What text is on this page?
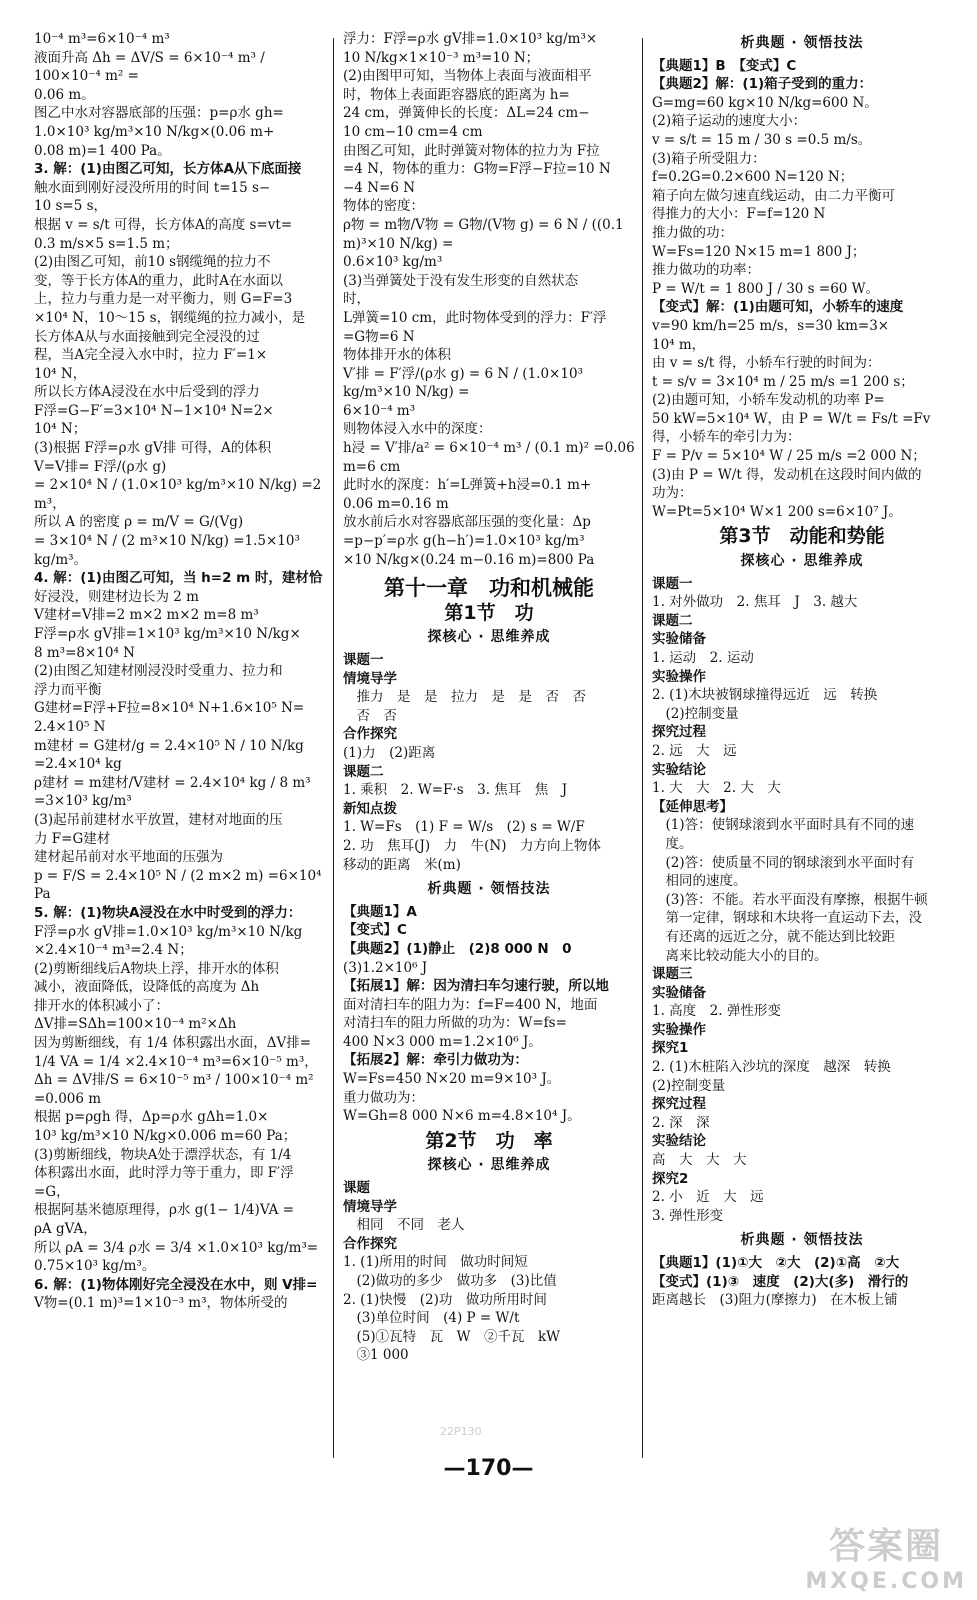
10⁻⁴ m³=6×10⁻⁴ m³
液面升高 Δh = ΔV/S = 6×10⁻⁴ m³ / 100×10⁻⁴ m² =
0.06 m。
图乙中水对容器底部的压强：p=ρ水 gh=
1.0×10³ kg/m³×10 N/kg×(0.06 m+
0.08 m)=1 400 Pa。
3. 解：(1)由图乙可知，长方体A从下底面接
触水面到刚好浸没所用的时间 t=15 s−
10 s=5 s，
根据 v = s/t 可得，长方体A的高度 s=vt=
0.3 m/s×5 s=1.5 m；
(2)由图乙可知，前10 s钢缆绳的拉力不
变，等于长方体A的重力，此时A在水面以
上，拉力与重力是一对平衡力，则 G=F=3
×10⁴ N，10～15 s，钢缆绳的拉力减小，是
长方体A从与水面接触到完全浸没的过
程，当A完全浸入水中时，拉力 F′=1×
10⁴ N，
所以长方体A浸没在水中后受到的浮力
F浮=G−F′=3×10⁴ N−1×10⁴ N=2×
10⁴ N；
(3)根据 F浮=ρ水 gV排 可得，A的体积
V=V排= F浮/(ρ水 g)
= 2×10⁴ N / (1.0×10³ kg/m³×10 N/kg) =2 m³，
所以 A 的密度 ρ = m/V = G/(Vg)
= 3×10⁴ N / (2 m³×10 N/kg) =1.5×10³ kg/m³。
4. 解：(1)由图乙可知，当 h=2 m 时，建材恰
好浸没，则建材边长为 2 m
V建材=V排=2 m×2 m×2 m=8 m³
F浮=ρ水 gV排=1×10³ kg/m³×10 N/kg×
8 m³=8×10⁴ N
(2)由图乙知建材刚浸没时受重力、拉力和
浮力而平衡
G建材=F浮+F拉=8×10⁴ N+1.6×10⁵ N=
2.4×10⁵ N
m建材 = G建材/g = 2.4×10⁵ N / 10 N/kg =2.4×10⁴ kg
ρ建材 = m建材/V建材 = 2.4×10⁴ kg / 8 m³ =3×10³ kg/m³
(3)起吊前建材水平放置，建材对地面的压
力 F=G建材
建材起吊前对水平地面的压强为
p = F/S = 2.4×10⁵ N / (2 m×2 m) =6×10⁴ Pa
5. 解：(1)物块A浸没在水中时受到的浮力：
F浮=ρ水 gV排=1.0×10³ kg/m³×10 N/kg
×2.4×10⁻⁴ m³=2.4 N；
(2)剪断细线后A物块上浮，排开水的体积
减小，液面降低，设降低的高度为 Δh
排开水的体积减小了：
ΔV排=SΔh=100×10⁻⁴ m²×Δh
因为剪断细线，有 1/4 体积露出水面，ΔV排=
1/4 VA = 1/4 ×2.4×10⁻⁴ m³=6×10⁻⁵ m³，
Δh = ΔV排/S = 6×10⁻⁵ m³ / 100×10⁻⁴ m² =0.006 m
根据 p=ρgh 得，Δp=ρ水 gΔh=1.0×
10³ kg/m³×10 N/kg×0.006 m=60 Pa；
(3)剪断细线，物块A处于漂浮状态，有 1/4
体积露出水面，此时浮力等于重力，即 F′浮
=G，
根据阿基米德原理得，ρ水 g(1− 1/4)VA =
ρA gVA，
所以 ρA = 3/4 ρ水 = 3/4 ×1.0×10³ kg/m³=
0.75×10³ kg/m³。
6. 解：(1)物体刚好完全浸没在水中，则 V排=
V物=(0.1 m)³=1×10⁻³ m³，物体所受的
浮力：F浮=ρ水 gV排=1.0×10³ kg/m³×
10 N/kg×1×10⁻³ m³=10 N；
(2)由图甲可知，当物体上表面与液面相平
时，物体上表面距容器底的距离为 h=
24 cm，弹簧伸长的长度：ΔL=24 cm−
10 cm−10 cm=4 cm
由图乙可知，此时弹簧对物体的拉力为 F拉
=4 N，物体的重力：G物=F浮−F拉=10 N
−4 N=6 N
物体的密度：
ρ物 = m物/V物 = G物/(V物 g) = 6 N / ((0.1 m)³×10 N/kg) =
0.6×10³ kg/m³
(3)当弹簧处于没有发生形变的自然状态
时，
L弹簧=10 cm，此时物体受到的浮力：F′浮
=G物=6 N
物体排开水的体积
V′排 = F′浮/(ρ水 g) = 6 N / (1.0×10³ kg/m³×10 N/kg) =
6×10⁻⁴ m³
则物体浸入水中的深度：
h浸 = V′排/a² = 6×10⁻⁴ m³ / (0.1 m)² =0.06 m=6 cm
此时水的深度：h′=L弹簧+h浸=0.1 m+
0.06 m=0.16 m
放水前后水对容器底部压强的变化量：Δp
=p−p′=ρ水 g(h−h′)=1.0×10³ kg/m³
×10 N/kg×(0.24 m−0.16 m)=800 Pa
第十一章　功和机械能
第1节　功
探核心 · 思维养成
课题一
情境导学
　推力　是　是　拉力　是　是　否　否
　否　否
合作探究
(1)力　(2)距离
课题二
1. 乘积　2. W=F·s　3. 焦耳　焦　J
新知点拨
1. W=Fs　(1) F = W/s　(2) s = W/F
2. 功　焦耳(J)　力　牛(N)　力方向上物体
移动的距离　米(m)
析典题 · 领悟技法
【典题1】A
【变式】C
【典题2】(1)静止　(2)8 000 N　0
(3)1.2×10⁶ J
【拓展1】解：因为清扫车匀速行驶，所以地
面对清扫车的阻力为：f=F=400 N，地面
对清扫车的阻力所做的功为：W=fs=
400 N×3 000 m=1.2×10⁶ J。
【拓展2】解：牵引力做功为：
W=Fs=450 N×20 m=9×10³ J。
重力做功为：
W=Gh=8 000 N×6 m=4.8×10⁴ J。
第2节　功　率
探核心 · 思维养成
课题
情境导学
　相同　不同　老人
合作探究
1. (1)所用的时间　做功时间短
　(2)做功的多少　做功多　(3)比值
2. (1)快慢　(2)功　做功所用时间
　(3)单位时间　(4) P = W/t
　(5)①瓦特　瓦　W　②千瓦　kW
　③1 000
析典题 · 领悟技法
【典题1】B　【变式】C
【典题2】解：(1)箱子受到的重力：
G=mg=60 kg×10 N/kg=600 N。
(2)箱子运动的速度大小：
v = s/t = 15 m / 30 s =0.5 m/s。
(3)箱子所受阻力：
f=0.2G=0.2×600 N=120 N；
箱子向左做匀速直线运动，由二力平衡可
得推力的大小：F=f=120 N
推力做的功：
W=Fs=120 N×15 m=1 800 J；
推力做功的功率：
P = W/t = 1 800 J / 30 s =60 W。
【变式】解：(1)由题可知，小轿车的速度
v=90 km/h=25 m/s，s=30 km=3×
10⁴ m，
由 v = s/t 得，小轿车行驶的时间为：
t = s/v = 3×10⁴ m / 25 m/s =1 200 s；
(2)由题可知，小轿车发动机的功率 P=
50 kW=5×10⁴ W，由 P = W/t = Fs/t =Fv
得，小轿车的牵引力为：
F = P/v = 5×10⁴ W / 25 m/s =2 000 N；
(3)由 P = W/t 得，发动机在这段时间内做的
功为：
W=Pt=5×10⁴ W×1 200 s=6×10⁷ J。
第3节　动能和势能
探核心 · 思维养成
课题一
1. 对外做功　2. 焦耳　J　3. 越大
课题二
实验储备
1. 运动　2. 运动
实验操作
2. (1)木块被钢球撞得远近　远　转换
　(2)控制变量
探究过程
2. 远　大　远
实验结论
1. 大　大　2. 大　大
【延伸思考】
　(1)答：使钢球滚到水平面时具有不同的速
　度。
　(2)答：使质量不同的钢球滚到水平面时有
　相同的速度。
　(3)答：不能。若水平面没有摩擦，根据牛顿
　第一定律，钢球和木块将一直运动下去，没
　有还离的远近之分，就不能达到比较距
　离来比较动能大小的目的。
课题三
实验储备
1. 高度　2. 弹性形变
实验操作
探究1
2. (1)木桩陷入沙坑的深度　越深　转换
(2)控制变量
探究过程
2. 深　深
实验结论
高　大　大　大
探究2
2. 小　近　大　远
3. 弹性形变
析典题 · 领悟技法
【典题1】(1)①大　②大　(2)①高　②大
【变式】(1)③　速度　(2)大(多)　滑行的
距离越长　(3)阻力(摩擦力)　在木板上铺
22P130
—170—
答案圈
MXQE.COM
